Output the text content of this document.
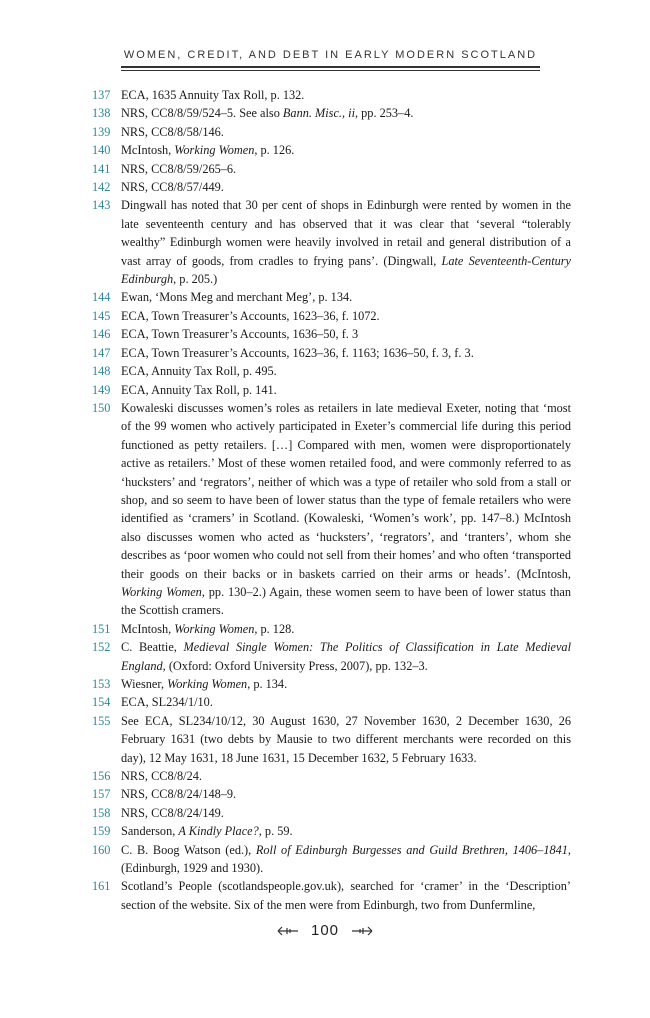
WOMEN, CREDIT, AND DEBT IN EARLY MODERN SCOTLAND
137 ECA, 1635 Annuity Tax Roll, p. 132.
138 NRS, CC8/8/59/524–5. See also Bann. Misc., ii, pp. 253–4.
139 NRS, CC8/8/58/146.
140 McIntosh, Working Women, p. 126.
141 NRS, CC8/8/59/265–6.
142 NRS, CC8/8/57/449.
143 Dingwall has noted that 30 per cent of shops in Edinburgh were rented by women in the late seventeenth century and has observed that it was clear that ‘several “tolerably wealthy” Edinburgh women were heavily involved in retail and general distribution of a vast array of goods, from cradles to frying pans’. (Dingwall, Late Seventeenth-Century Edinburgh, p. 205.)
144 Ewan, ‘Mons Meg and merchant Meg’, p. 134.
145 ECA, Town Treasurer’s Accounts, 1623–36, f. 1072.
146 ECA, Town Treasurer’s Accounts, 1636–50, f. 3
147 ECA, Town Treasurer’s Accounts, 1623–36, f. 1163; 1636–50, f. 3, f. 3.
148 ECA, Annuity Tax Roll, p. 495.
149 ECA, Annuity Tax Roll, p. 141.
150 Kowaleski discusses women’s roles as retailers in late medieval Exeter, noting that ‘most of the 99 women who actively participated in Exeter’s commercial life during this period functioned as petty retailers. […] Compared with men, women were disproportionately active as retailers.’ Most of these women retailed food, and were commonly referred to as ‘hucksters’ and ‘regrators’, neither of which was a type of retailer who sold from a stall or shop, and so seem to have been of lower status than the type of female retailers who were identified as ‘cramers’ in Scotland. (Kowaleski, ‘Women’s work’, pp. 147–8.) McIntosh also discusses women who acted as ‘hucksters’, ‘regrators’, and ‘tranters’, whom she describes as ‘poor women who could not sell from their homes’ and who often ‘transported their goods on their backs or in baskets carried on their arms or heads’. (McIntosh, Working Women, pp. 130–2.) Again, these women seem to have been of lower status than the Scottish cramers.
151 McIntosh, Working Women, p. 128.
152 C. Beattie, Medieval Single Women: The Politics of Classification in Late Medieval England, (Oxford: Oxford University Press, 2007), pp. 132–3.
153 Wiesner, Working Women, p. 134.
154 ECA, SL234/1/10.
155 See ECA, SL234/10/12, 30 August 1630, 27 November 1630, 2 December 1630, 26 February 1631 (two debts by Mausie to two different merchants were recorded on this day), 12 May 1631, 18 June 1631, 15 December 1632, 5 February 1633.
156 NRS, CC8/8/24.
157 NRS, CC8/8/24/148–9.
158 NRS, CC8/8/24/149.
159 Sanderson, A Kindly Place?, p. 59.
160 C. B. Boog Watson (ed.), Roll of Edinburgh Burgesses and Guild Brethren, 1406–1841, (Edinburgh, 1929 and 1930).
161 Scotland’s People (scotlandspeople.gov.uk), searched for ‘cramer’ in the ‘Description’ section of the website. Six of the men were from Edinburgh, two from Dunfermline,
100
